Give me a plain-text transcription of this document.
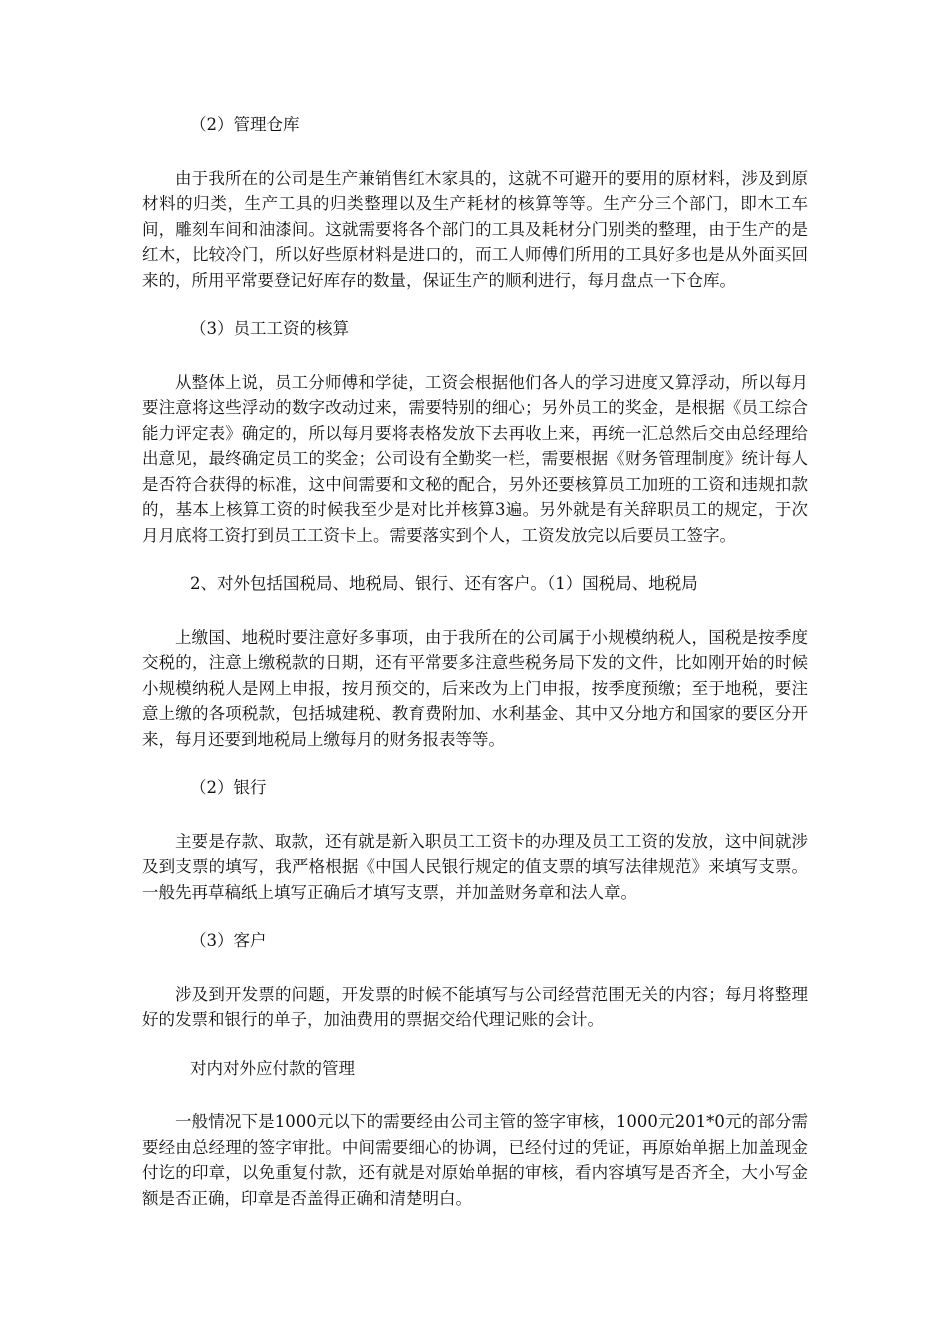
（2）管理仓库

由于我所在的公司是生产兼销售红木家具的，这就不可避开的要用的原材料，涉及到原材料的归类，生产工具的归类整理以及生产耗材的核算等等。生产分三个部门，即木工车间，雕刻车间和油漆间。这就需要将各个部门的工具及耗材分门别类的整理，由于生产的是红木，比较冷门，所以好些原材料是进口的，而工人师傅们所用的工具好多也是从外面买回来的，所用平常要登记好库存的数量，保证生产的顺利进行，每月盘点一下仓库。

（3）员工工资的核算

从整体上说，员工分师傅和学徒，工资会根据他们各人的学习进度又算浮动，所以每月要注意将这些浮动的数字改动过来，需要特别的细心；另外员工的奖金，是根据《员工综合能力评定表》确定的，所以每月要将表格发放下去再收上来，再统一汇总然后交由总经理给出意见，最终确定员工的奖金；公司设有全勤奖一栏，需要根据《财务管理制度》统计每人是否符合获得的标准，这中间需要和文秘的配合，另外还要核算员工加班的工资和违规扣款的，基本上核算工资的时候我至少是对比并核算3遍。另外就是有关辞职员工的规定，于次月月底将工资打到员工工资卡上。需要落实到个人，工资发放完以后要员工签字。

2、对外包括国税局、地税局、银行、还有客户。（1）国税局、地税局

上缴国、地税时要注意好多事项，由于我所在的公司属于小规模纳税人，国税是按季度交税的，注意上缴税款的日期，还有平常要多注意些税务局下发的文件，比如刚开始的时候小规模纳税人是网上申报，按月预交的，后来改为上门申报，按季度预缴；至于地税，要注意上缴的各项税款，包括城建税、教育费附加、水利基金、其中又分地方和国家的要区分开来，每月还要到地税局上缴每月的财务报表等等。

（2）银行

主要是存款、取款，还有就是新入职员工工资卡的办理及员工工资的发放，这中间就涉及到支票的填写，我严格根据《中国人民银行规定的值支票的填写法律规范》来填写支票。一般先再草稿纸上填写正确后才填写支票，并加盖财务章和法人章。

（3）客户

涉及到开发票的问题，开发票的时候不能填写与公司经营范围无关的内容；每月将整理好的发票和银行的单子，加油费用的票据交给代理记账的会计。

对内对外应付款的管理

一般情况下是1000元以下的需要经由公司主管的签字审核，1000元201*0元的部分需要经由总经理的签字审批。中间需要细心的协调，已经付过的凭证，再原始单据上加盖现金付讫的印章，以免重复付款，还有就是对原始单据的审核，看内容填写是否齐全，大小写金额是否正确，印章是否盖得正确和清楚明白。
